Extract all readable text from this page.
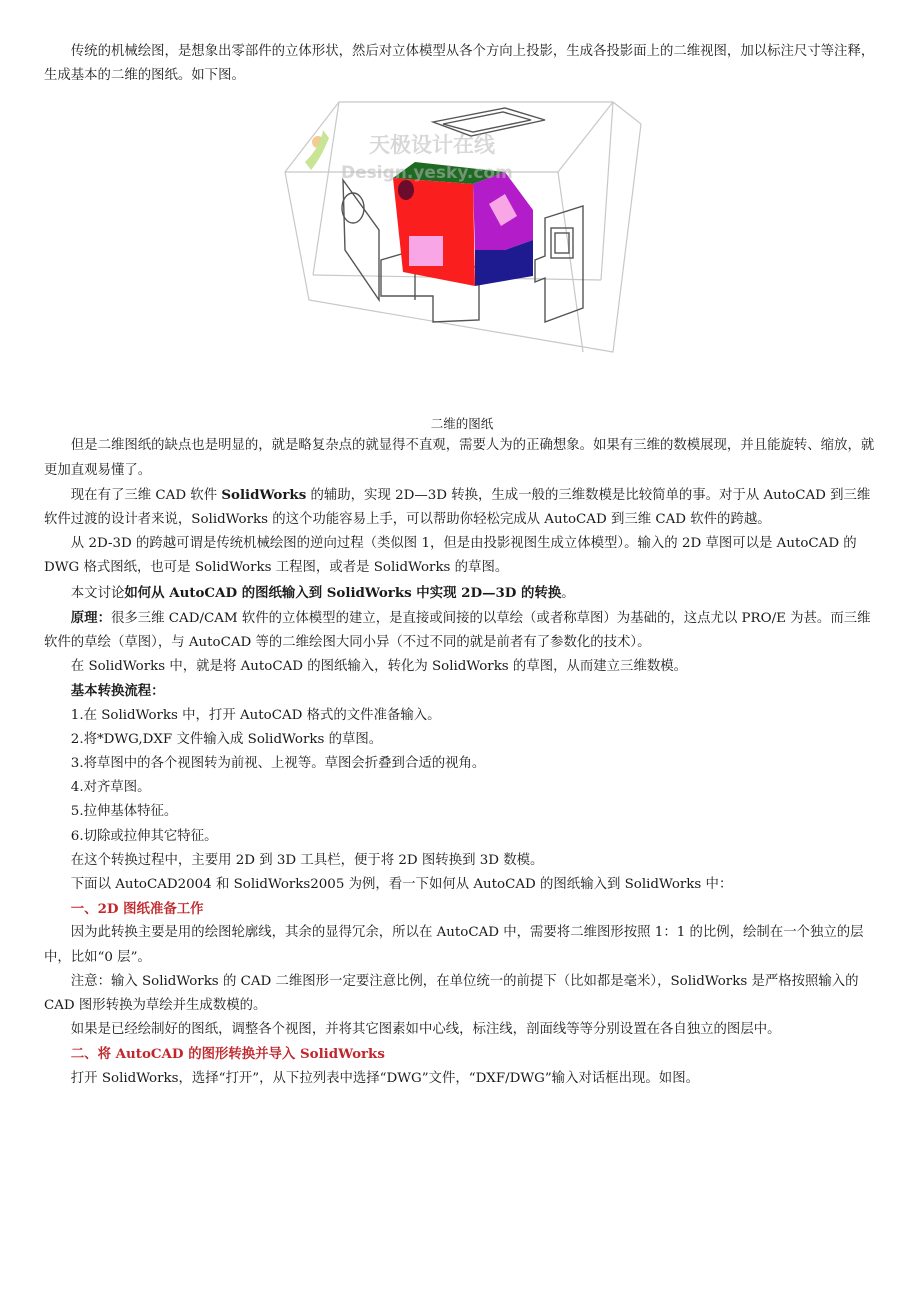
传统的机械绘图，是想象出零部件的立体形状，然后对立体模型从各个方向上投影，生成各投影面上的二维视图，加以标注尺寸等注释，生成基本的二维的图纸。如下图。

天极设计在线
Design.yesky.com

二维的图纸

但是二维图纸的缺点也是明显的，就是略复杂点的就显得不直观，需要人为的正确想象。如果有三维的数模展现，并且能旋转、缩放，就更加直观易懂了。

现在有了三维 CAD 软件 SolidWorks 的辅助，实现 2D—3D 转换，生成一般的三维数模是比较简单的事。对于从 AutoCAD 到三维软件过渡的设计者来说，SolidWorks 的这个功能容易上手，可以帮助你轻松完成从 AutoCAD 到三维 CAD 软件的跨越。

从 2D-3D 的跨越可谓是传统机械绘图的逆向过程（类似图 1，但是由投影视图生成立体模型）。输入的 2D 草图可以是 AutoCAD 的 DWG 格式图纸，也可是 SolidWorks 工程图，或者是 SolidWorks 的草图。

本文讨论如何从 AutoCAD 的图纸输入到 SolidWorks 中实现 2D—3D 的转换。

原理：很多三维 CAD/CAM 软件的立体模型的建立，是直接或间接的以草绘（或者称草图）为基础的，这点尤以 PRO/E 为甚。而三维软件的草绘（草图），与 AutoCAD 等的二维绘图大同小异（不过不同的就是前者有了参数化的技术）。

在 SolidWorks 中，就是将 AutoCAD 的图纸输入，转化为 SolidWorks 的草图，从而建立三维数模。

基本转换流程：

1.在 SolidWorks 中，打开 AutoCAD 格式的文件准备输入。

2.将*DWG,DXF 文件输入成 SolidWorks 的草图。

3.将草图中的各个视图转为前视、上视等。草图会折叠到合适的视角。

4.对齐草图。

5.拉伸基体特征。

6.切除或拉伸其它特征。

在这个转换过程中，主要用 2D 到 3D 工具栏，便于将 2D 图转换到 3D 数模。

下面以 AutoCAD2004 和 SolidWorks2005 为例，看一下如何从 AutoCAD 的图纸输入到 SolidWorks 中：

一、2D 图纸准备工作

因为此转换主要是用的绘图轮廓线，其余的显得冗余，所以在 AutoCAD 中，需要将二维图形按照 1：1 的比例，绘制在一个独立的层中，比如“0 层”。

注意：输入 SolidWorks 的 CAD 二维图形一定要注意比例，在单位统一的前提下（比如都是毫米），SolidWorks 是严格按照输入的 CAD 图形转换为草绘并生成数模的。

如果是已经绘制好的图纸，调整各个视图，并将其它图素如中心线，标注线，剖面线等等分别设置在各自独立的图层中。

二、将 AutoCAD 的图形转换并导入 SolidWorks

打开 SolidWorks，选择“打开”，从下拉列表中选择“DWG”文件，“DXF/DWG”输入对话框出现。如图。
